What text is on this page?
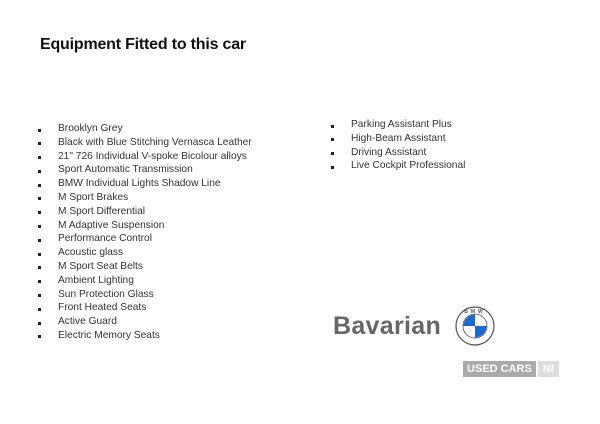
Equipment Fitted to this car
Brooklyn Grey
Black with Blue Stitching Vernasca Leather
21" 726 Individual V-spoke Bicolour alloys
Sport Automatic Transmission
BMW Individual Lights Shadow Line
M Sport Brakes
M Sport Differential
M Adaptive Suspension
Performance Control
Acoustic glass
M Sport Seat Belts
Ambient Lighting
Sun Protection Glass
Front Heated Seats
Active Guard
Electric Memory Seats
Parking Assistant Plus
High-Beam Assistant
Driving Assistant
Live Cockpit Professional
Bavarian	BMW
USED CARS	NI
